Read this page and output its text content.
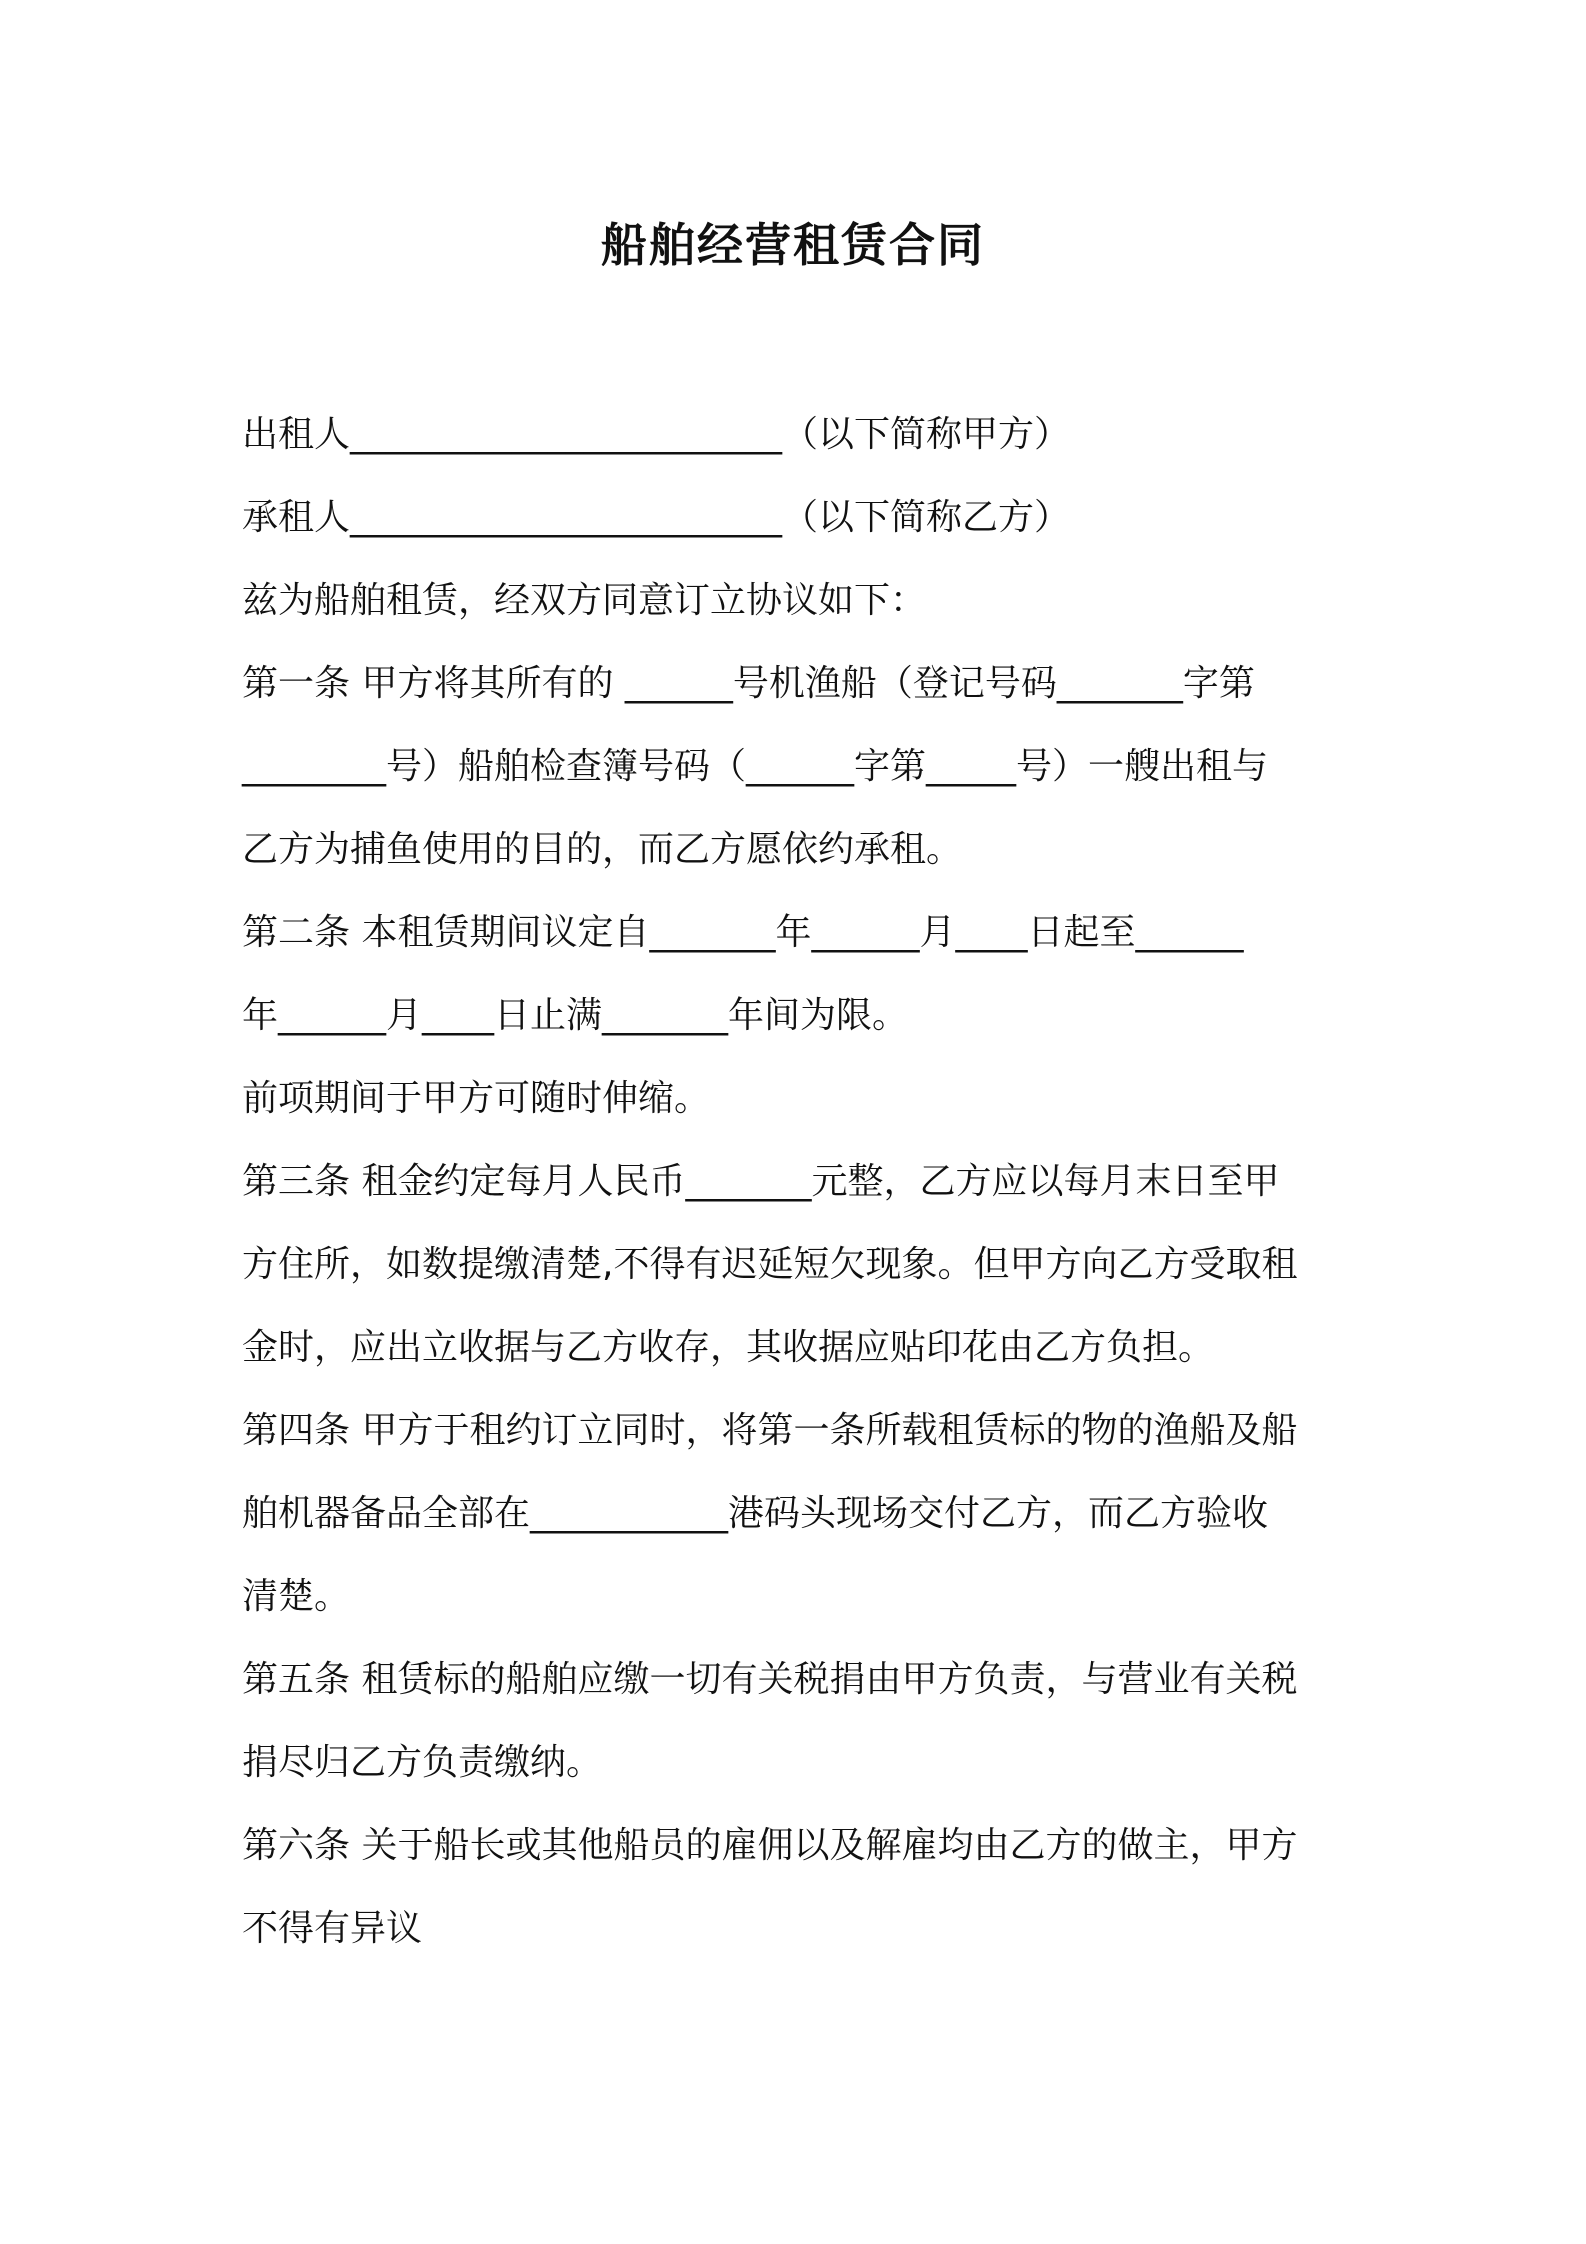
船舶经营租赁合同

出租人________________________（以下简称甲方）

承租人________________________（以下简称乙方）

兹为船舶租赁，经双方同意订立协议如下：

第一条 甲方将其所有的 ______号机渔船（登记号码_______字第

________号）船舶检查簿号码（______字第_____号）一艘出租与

乙方为捕鱼使用的目的，而乙方愿依约承租。

第二条 本租赁期间议定自_______年______月____日起至______

年______月____日止满_______年间为限。

前项期间于甲方可随时伸缩。

第三条 租金约定每月人民币_______元整，乙方应以每月末日至甲

方住所，如数提缴清楚,不得有迟延短欠现象。但甲方向乙方受取租

金时，应出立收据与乙方收存，其收据应贴印花由乙方负担。

第四条 甲方于租约订立同时，将第一条所载租赁标的物的渔船及船

舶机器备品全部在___________港码头现场交付乙方，而乙方验收

清楚。

第五条 租赁标的船舶应缴一切有关税捐由甲方负责，与营业有关税

捐尽归乙方负责缴纳。

第六条 关于船长或其他船员的雇佣以及解雇均由乙方的做主，甲方

不得有异议
